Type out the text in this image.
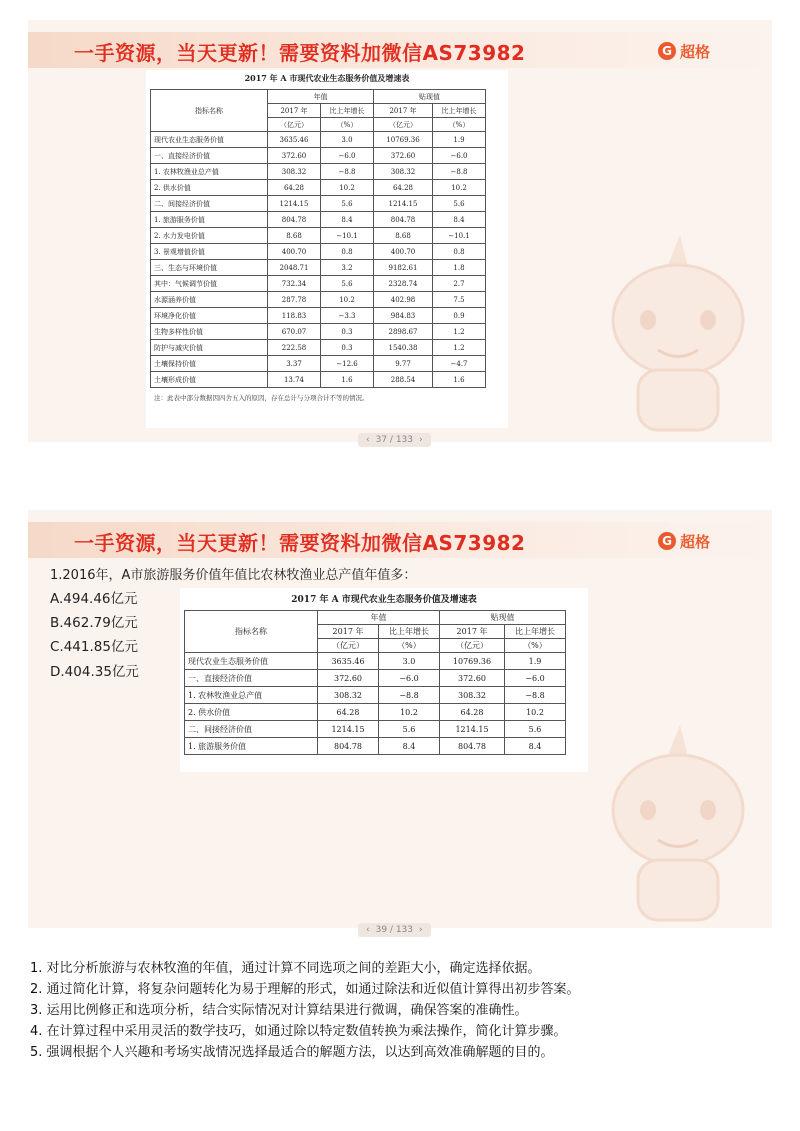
一手资源，当天更新！需要资料加微信AS73982	G 超格
2017 年 A 市现代农业生态服务价值及增速表
指标名称	年值		贴现值	
	2017 年	比上年增长	2017 年	比上年增长
	（亿元）	（%）	（亿元）	（%）
现代农业生态服务价值	3635.46	3.0	10769.36	1.9
一、直接经济价值	372.60	−6.0	372.60	−6.0
1. 农林牧渔业总产值	308.32	−8.8	308.32	−8.8
2. 供水价值	64.28	10.2	64.28	10.2
二、间接经济价值	1214.15	5.6	1214.15	5.6
1. 旅游服务价值	804.78	8.4	804.78	8.4
2. 水力发电价值	8.68	−10.1	8.68	−10.1
3. 景观增值价值	400.70	0.8	400.70	0.8
三、生态与环境价值	2048.71	3.2	9182.61	1.8
其中：气候调节价值	732.34	5.6	2328.74	2.7
水源涵养价值	287.78	10.2	402.98	7.5
环境净化价值	118.83	−3.3	984.83	0.9
生物多样性价值	670.07	0.3	2898.67	1.2
防护与减灾价值	222.58	0.3	1540.38	1.2
土壤保持价值	3.37	−12.6	9.77	−4.7
土壤形成价值	13.74	1.6	288.54	1.6
注：此表中部分数据因四舍五入的原因，存在总计与分项合计不等的情况。
‹ 37 / 133 ›
一手资源，当天更新！需要资料加微信AS73982	G 超格
1.2016年，A市旅游服务价值年值比农林牧渔业总产值年值多：
A.494.46亿元
B.462.79亿元
C.441.85亿元
D.404.35亿元
2017 年 A 市现代农业生态服务价值及增速表
指标名称	年值		贴现值	
	2017 年	比上年增长	2017 年	比上年增长
	（亿元）	（%）	（亿元）	（%）
现代农业生态服务价值	3635.46	3.0	10769.36	1.9
一、直接经济价值	372.60	−6.0	372.60	−6.0
1. 农林牧渔业总产值	308.32	−8.8	308.32	−8.8
2. 供水价值	64.28	10.2	64.28	10.2
二、间接经济价值	1214.15	5.6	1214.15	5.6
1. 旅游服务价值	804.78	8.4	804.78	8.4
‹ 39 / 133 ›
1. 对比分析旅游与农林牧渔的年值，通过计算不同选项之间的差距大小，确定选择依据。
2. 通过简化计算，将复杂问题转化为易于理解的形式，如通过除法和近似值计算得出初步答案。
3. 运用比例修正和选项分析，结合实际情况对计算结果进行微调，确保答案的准确性。
4. 在计算过程中采用灵活的数学技巧，如通过除以特定数值转换为乘法操作，简化计算步骤。
5. 强调根据个人兴趣和考场实战情况选择最适合的解题方法，以达到高效准确解题的目的。
